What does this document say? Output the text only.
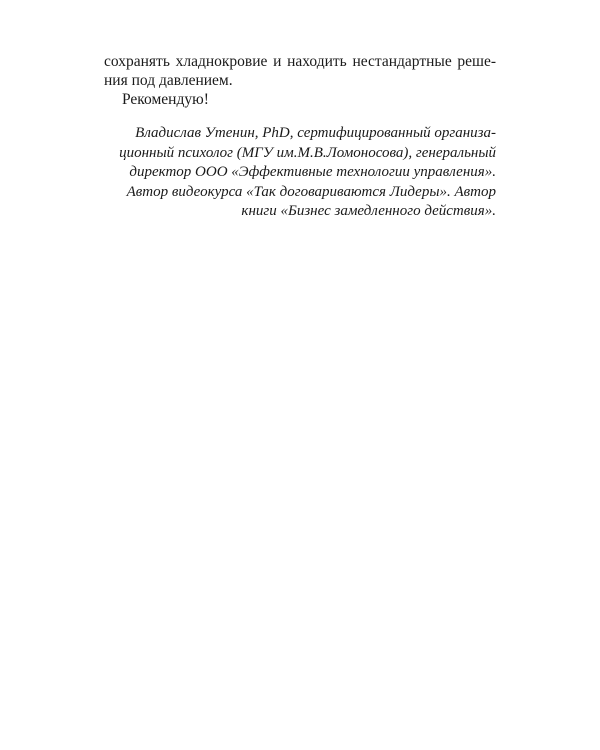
сохранять хладнокровие и находить нестандартные реше-
ния под давлением.
Рекомендую!
Владислав Утенин, PhD, сертифицированный организа-
ционный психолог (МГУ им.М.В.Ломоносова), генеральный
директор ООО «Эффективные технологии управления».
Автор видеокурса «Так договариваются Лидеры». Автор
книги «Бизнес замедленного действия».
